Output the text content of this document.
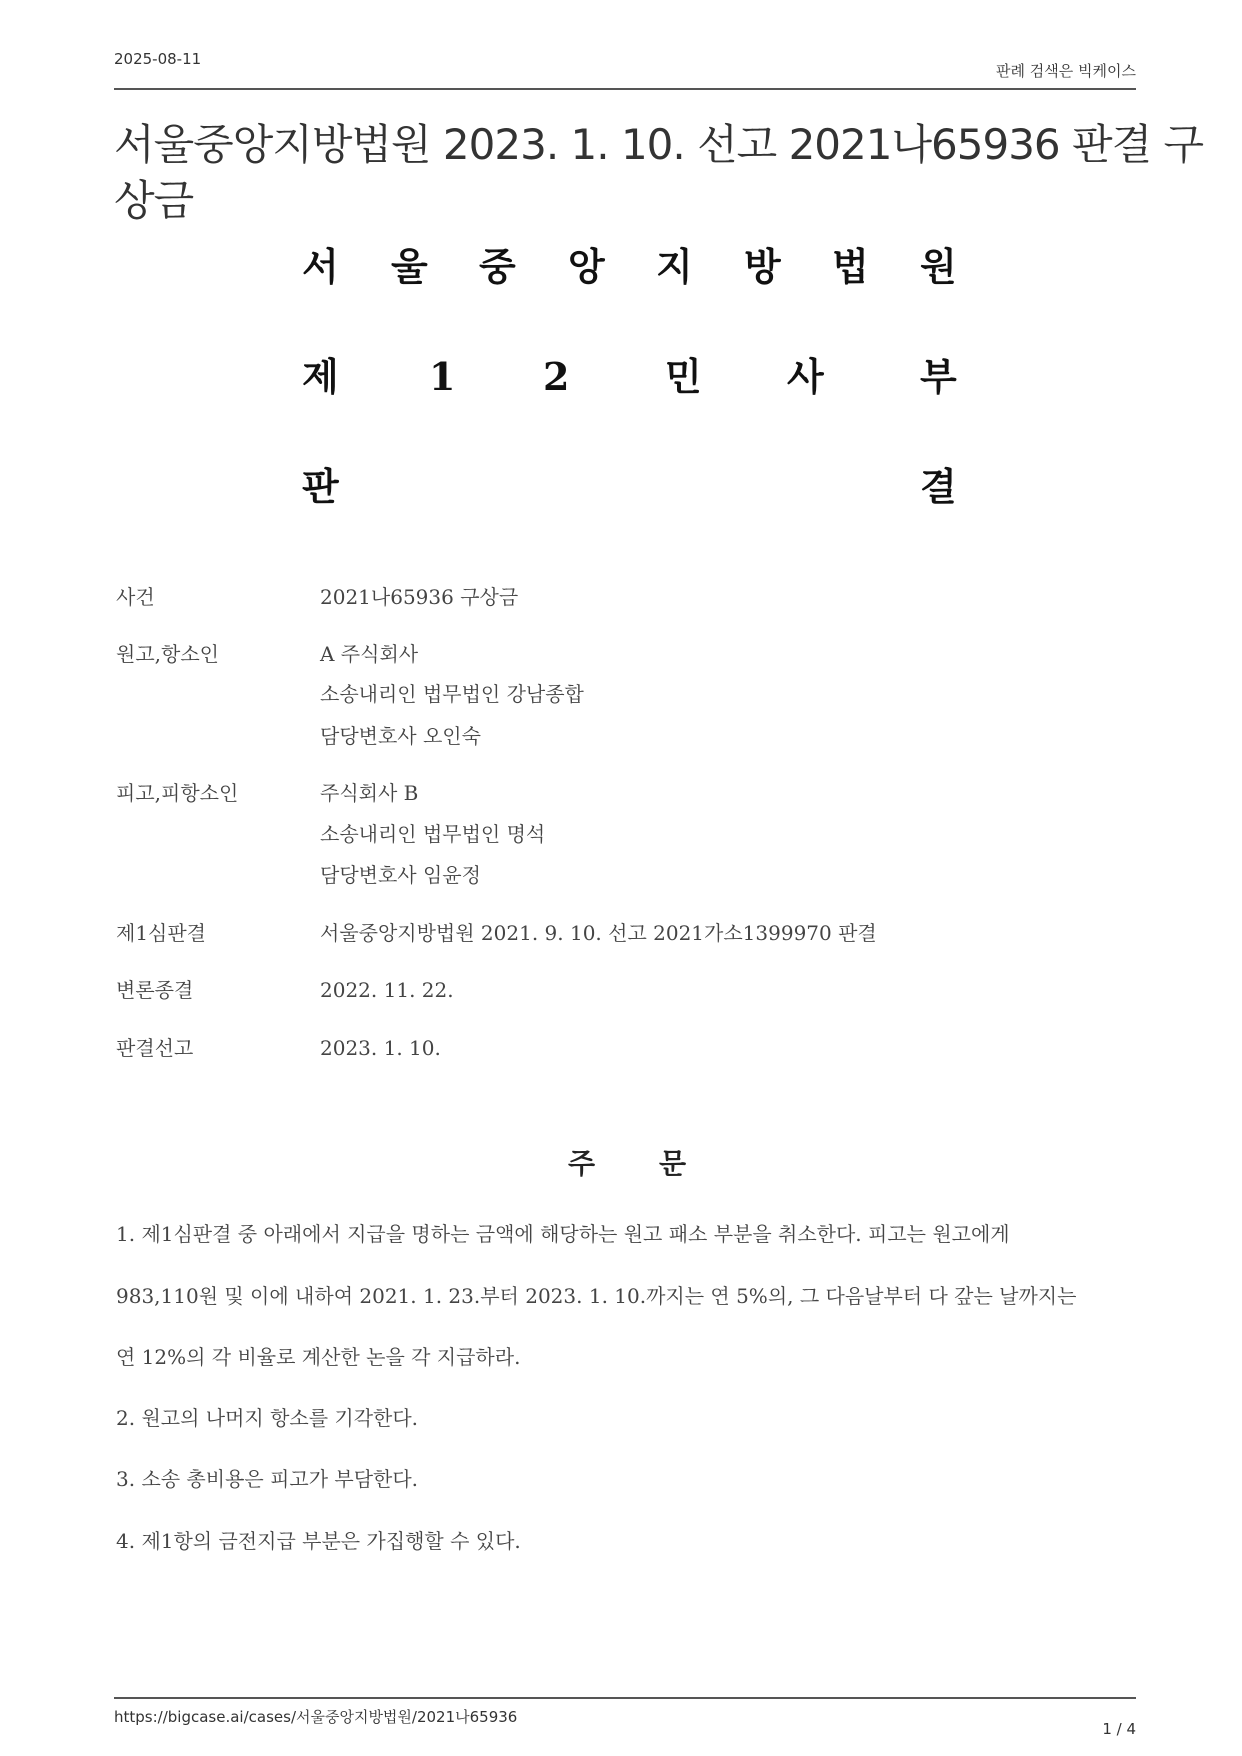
2025-08-11
판례 검색은 빅케이스
서울중앙지방법원 2023. 1. 10. 선고 2021나65936 판결 구
상금
서 울 중 앙 지 방 법 원
제 1 2	민 사	부
판	결
사건	2021나65936 구상금
원고,항소인	A 주식회사
소송내리인 법무법인 강남종합
담당변호사 오인숙
피고,피항소인	주식회사 B
소송내리인 법무법인 명석
담당변호사 임윤정
제1심판결	서울중앙지방법원 2021. 9. 10. 선고 2021가소1399970 판결
변론종결	2022. 11. 22.
판결선고	2023. 1. 10.
주 문
1. 제1심판결 중 아래에서 지급을 명하는 금액에 해당하는 원고 패소 부분을 취소한다. 피고는 원고에게
983,110원 및 이에 내하여 2021. 1. 23.부터 2023. 1. 10.까지는 연 5%의, 그 다음날부터 다 갚는 날까지는
연 12%의 각 비율로 계산한 논을 각 지급하라.
2. 원고의 나머지 항소를 기각한다.
3. 소송 총비용은 피고가 부담한다.
4. 제1항의 금전지급 부분은 가집행할 수 있다.
https://bigcase.ai/cases/서울중앙지방법원/2021나65936
1 / 4
